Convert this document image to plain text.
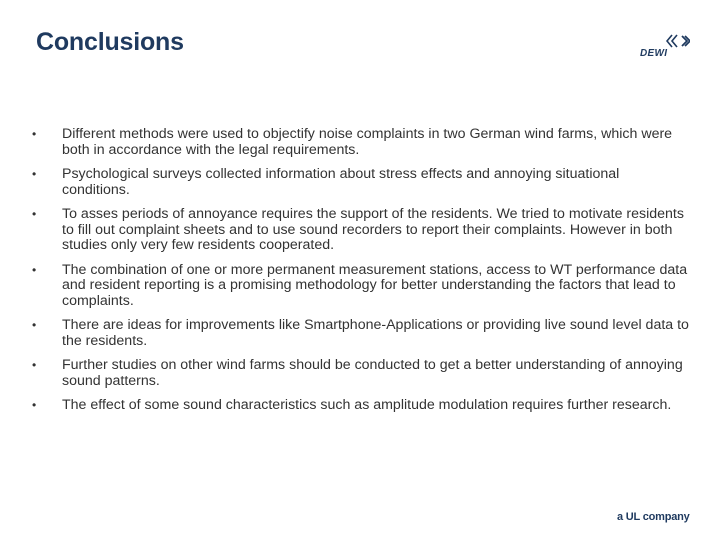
Conclusions	DEWI
• Different methods were used to objectify noise complaints in two German wind farms, which were both in accordance with the legal requirements.
• Psychological surveys collected information about stress effects and annoying situational conditions.
• To asses periods of annoyance requires the support of the residents. We tried to motivate residents to fill out complaint sheets and to use sound recorders to report their complaints. However in both studies only very few residents cooperated.
• The combination of one or more permanent measurement stations, access to WT performance data and resident reporting is a promising methodology for better understanding the factors that lead to complaints.
• There are ideas for improvements like Smartphone-Applications or providing live sound level data to the residents.
• Further studies on other wind farms should be conducted to get a better understanding of annoying sound patterns.
• The effect of some sound characteristics such as amplitude modulation requires further research.
a UL company
